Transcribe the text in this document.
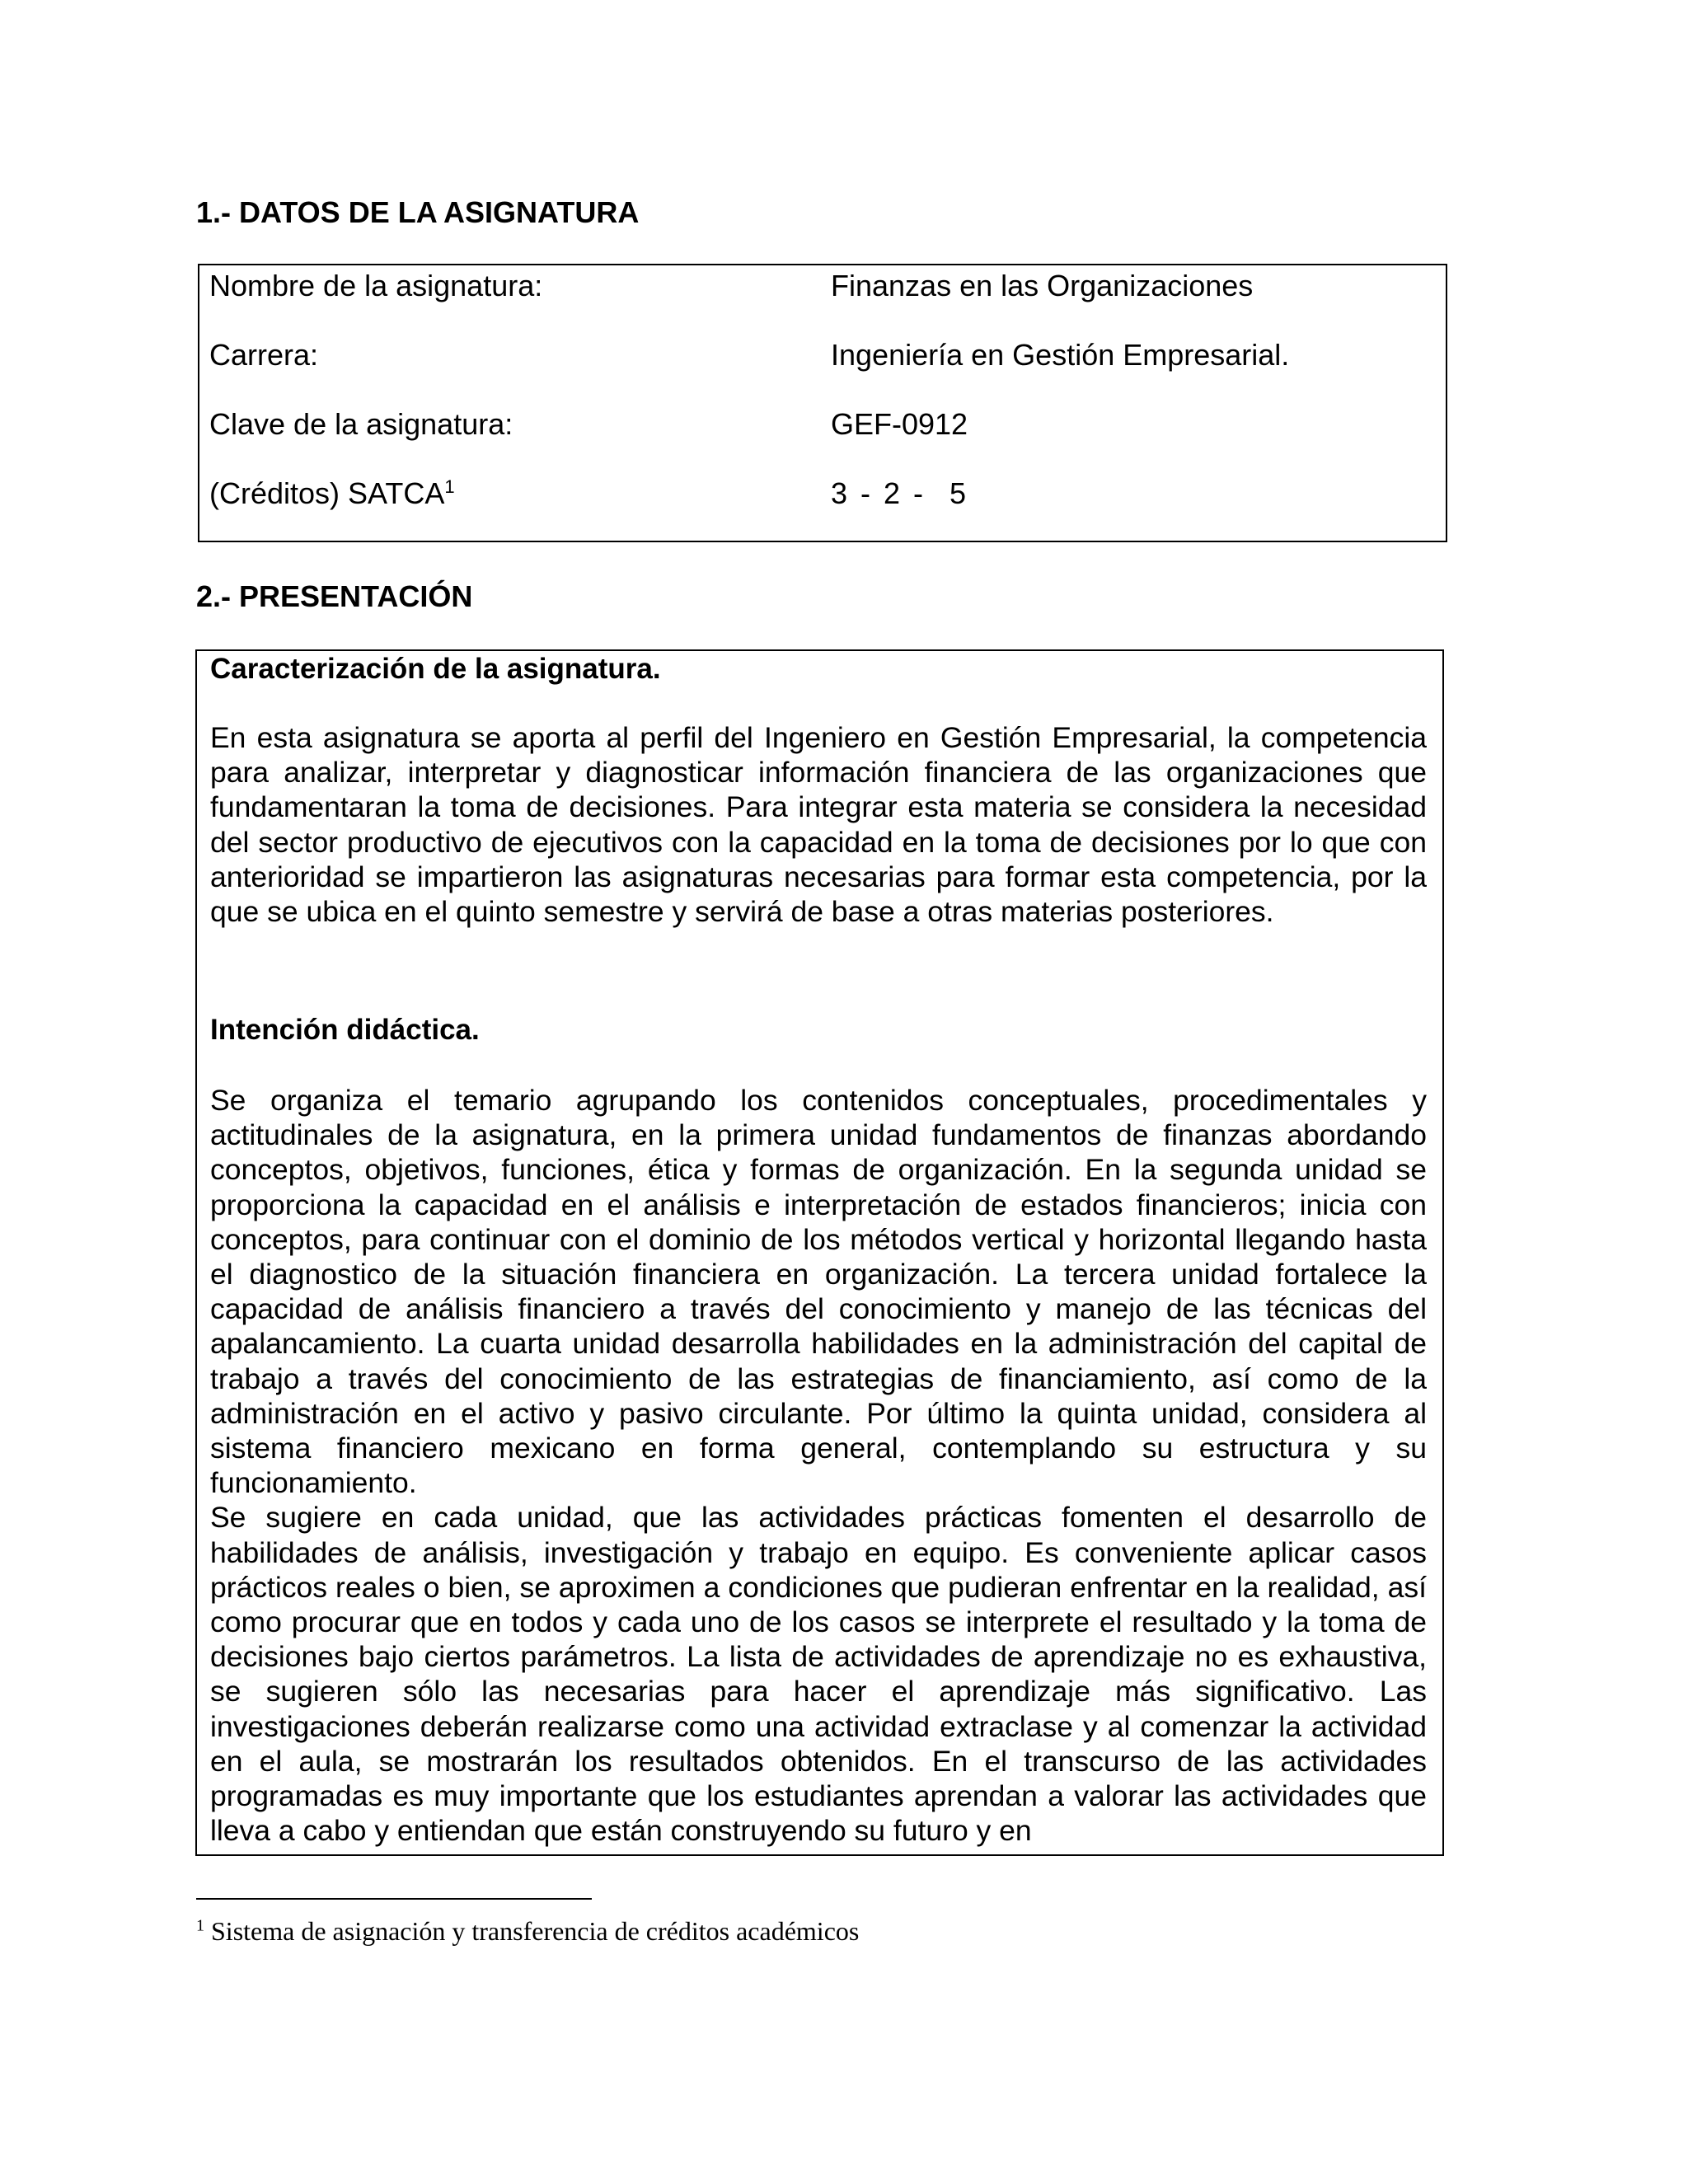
1.- DATOS DE LA ASIGNATURA
Nombre de la asignatura:	Finanzas en las Organizaciones
Carrera:	Ingeniería en Gestión Empresarial.
Clave de la asignatura:	GEF-0912
(Créditos) SATCA$^1$	3 - 2 -  5
2.- PRESENTACIÓN
Caracterización de la asignatura.

En esta asignatura se aporta al perfil del Ingeniero en Gestión Empresarial, la competencia para analizar, interpretar y diagnosticar información financiera de las organizaciones que fundamentaran la toma de decisiones. Para integrar esta materia se considera la necesidad del sector productivo de ejecutivos con la capacidad en la toma de decisiones por lo que con anterioridad se impartieron las asignaturas necesarias para formar esta competencia, por la que se ubica en el quinto semestre y servirá de base a otras materias posteriores.

Intención didáctica.

Se organiza el temario agrupando los contenidos conceptuales, procedimentales y actitudinales de la asignatura, en la primera unidad fundamentos de finanzas abordando conceptos, objetivos, funciones, ética y formas de organización. En la segunda unidad se proporciona la capacidad en el análisis e interpretación de estados financieros; inicia con conceptos, para continuar con el dominio de los métodos vertical y horizontal llegando hasta el diagnostico de la situación financiera en organización. La tercera unidad fortalece la capacidad de análisis financiero a través del conocimiento y manejo de las técnicas del apalancamiento. La cuarta unidad desarrolla habilidades en la administración del capital de trabajo a través del conocimiento de las estrategias de financiamiento, así como de la administración en el activo y pasivo circulante. Por último la quinta unidad, considera al sistema financiero mexicano en forma general, contemplando su estructura y su funcionamiento.

Se sugiere en cada unidad, que las actividades prácticas fomenten el desarrollo de habilidades de análisis, investigación y trabajo en equipo. Es conveniente aplicar casos prácticos reales o bien, se aproximen a condiciones que pudieran enfrentar en la realidad, así como procurar que en todos y cada uno de los casos se interprete el resultado y la toma de decisiones bajo ciertos parámetros. La lista de actividades de aprendizaje no es exhaustiva, se sugieren sólo las necesarias para hacer el aprendizaje más significativo. Las investigaciones deberán realizarse como una actividad extraclase y al comenzar la actividad en el aula, se mostrarán los resultados obtenidos. En el transcurso de las actividades programadas es muy importante que los estudiantes aprendan a valorar las actividades que lleva a cabo y entiendan que están construyendo su futuro y en

$^1$ Sistema de asignación y transferencia de créditos académicos
